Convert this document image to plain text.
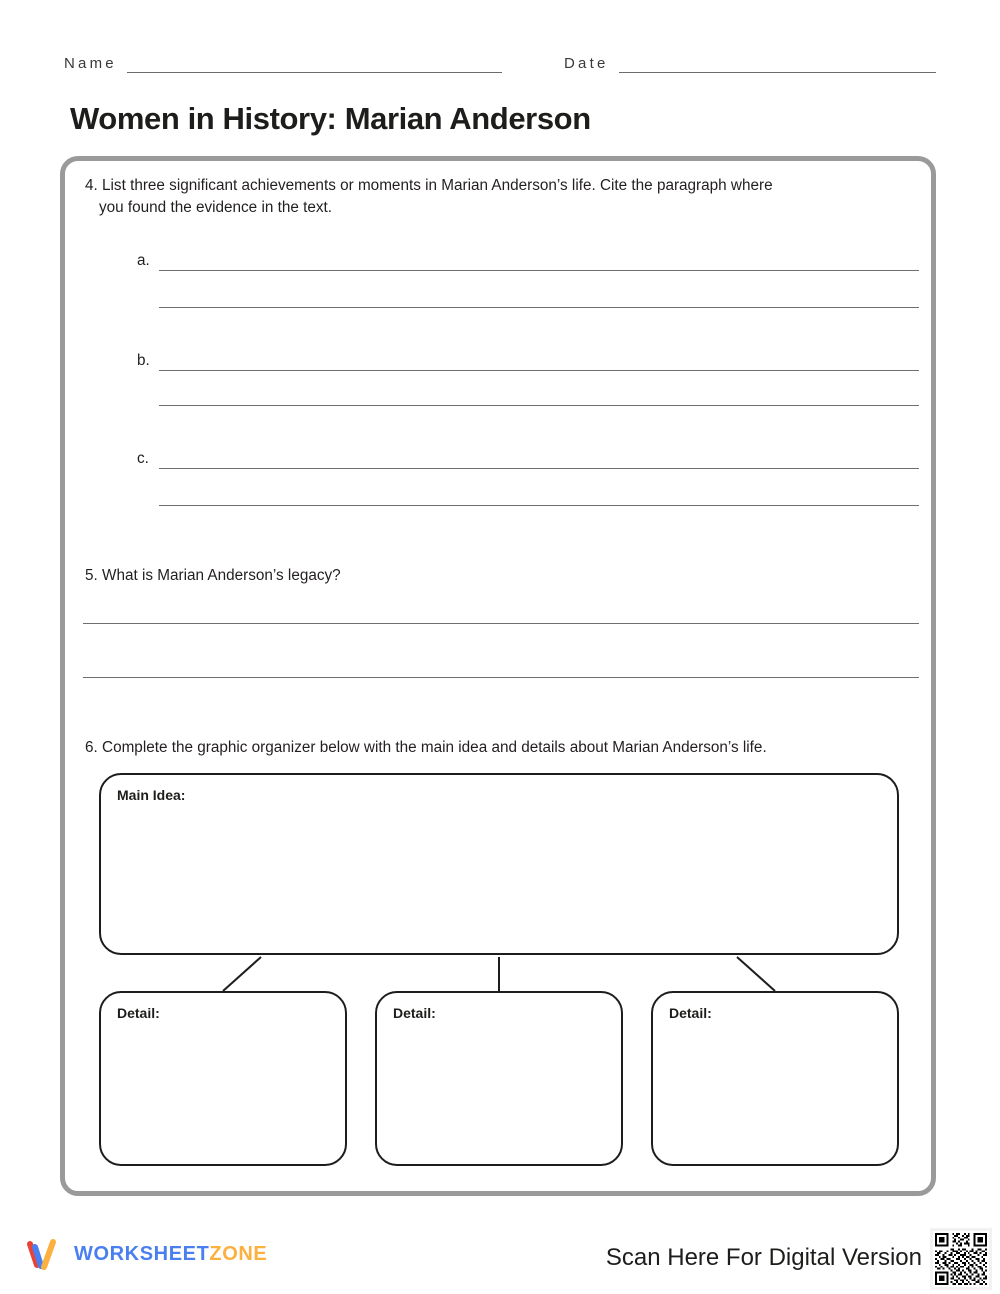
Name	Date
Women in History: Marian Anderson
4. List three significant achievements or moments in Marian Anderson’s life. Cite the paragraph where
you found the evidence in the text.
a.
b.
c.
5. What is Marian Anderson’s legacy?
6. Complete the graphic organizer below with the main idea and details about Marian Anderson’s life.
Main Idea:
Detail:	Detail:	Detail:
WORKSHEETZONE	Scan Here For Digital Version
